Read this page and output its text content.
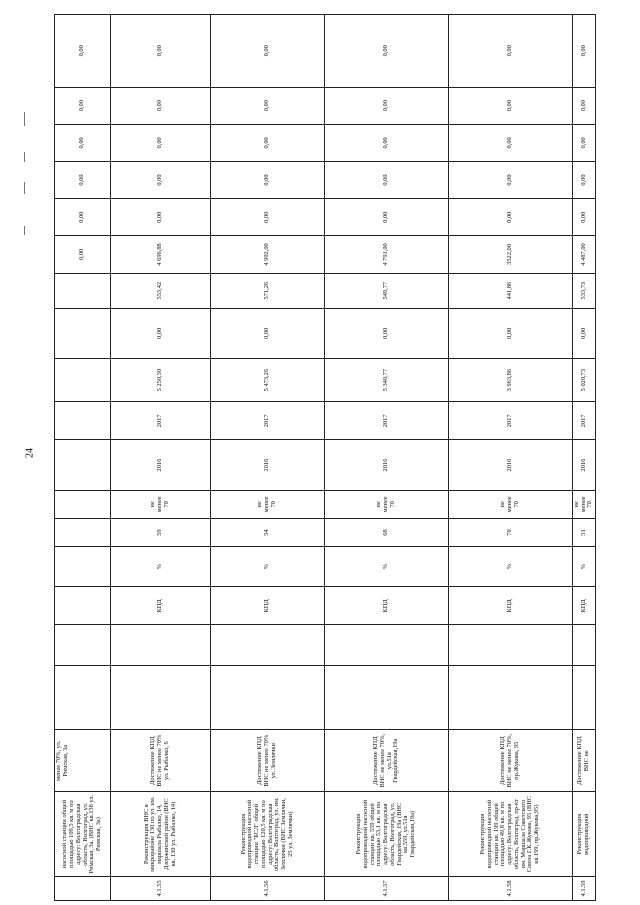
24
	насосной станции общей площадью 109,5 кв. м по адресу: Волгоградская область, Волгоград, ул. Римская, 3а. (ВНС кв.138 ул. Римская, 3а)	менее 70%, ул. Римская, 3а												0,00	0,00	0,00	0,00	0,00	0,00
4.1.55	Реконструкция ВНС в микрорайоне 130 по ул. им. маршала Рыбалко, 14, Дзержинский район (ВНС кв. 130 ул. Рыбалко, 14)	Достижение КПД ВНС не менее 70% ул. Рыбалко, 6			КПД	%	59	не менее 70	2016	2017	5 250,30	0,00	553,42	4 696,88	0,00	0,00	0,00	0,00	0,00
4.1.56	Реконструкция водопроводной насосной станции "БСЛ" общей площадью 120,5 кв. м по адресу: Волгоградская область, Волгоград, ул. им. Землячки (ВНС Землячки, 25 ул. Землячки)	Достижение КПД ВНС не менее 70% ул. Землячки			КПД	%	54	не менее 70	2016	2017	5 473,26	0,00	571,26	4 902,00	0,00	0,00	0,00	0,00	0,00
4.1.57	Реконструкция водопроводной насосной станции кв. 559 общей площадью 53,1 кв. м по адресу: Волгоградская область, Волгоград, ул. Гвардейская, 19а (ВНС кв.559, ул.51я Гвардейская,19а)	Достижение КПД ВНС не менее 70%, ул.51я Гвардейская,19а			КПД	%	68	не менее 70	2016	2017	5 340,77	0,00	549,77	4 791,00	0,00	0,00	0,00	0,00	0,00
4.1.58	Реконструкция водопроводной насосной станции кв. 199 общей площадью 49,8 кв. м по адресу: Волгоградская область, Волгоград, пр-кт им. Маршала Советского Союза Г.К.Жукова, 95 (ВНС кв.199, пр.Жукова,95)	Достижение КПД ВНС не менее 70%, пр.Жукова, 95			КПД	%	70	не менее 70	2016	2017	3 963,86	0,00	441,86	3522,00	0,00	0,00	0,00	0,00	0,00
4.1.59	Реконструкция водопроводной	Достижение КПД ВНС не			КПД	%	51	не менее 70	2016	2017	5 020,73	0,00	533,73	4 487,00	0,00	0,00	0,00	0,00	0,00
